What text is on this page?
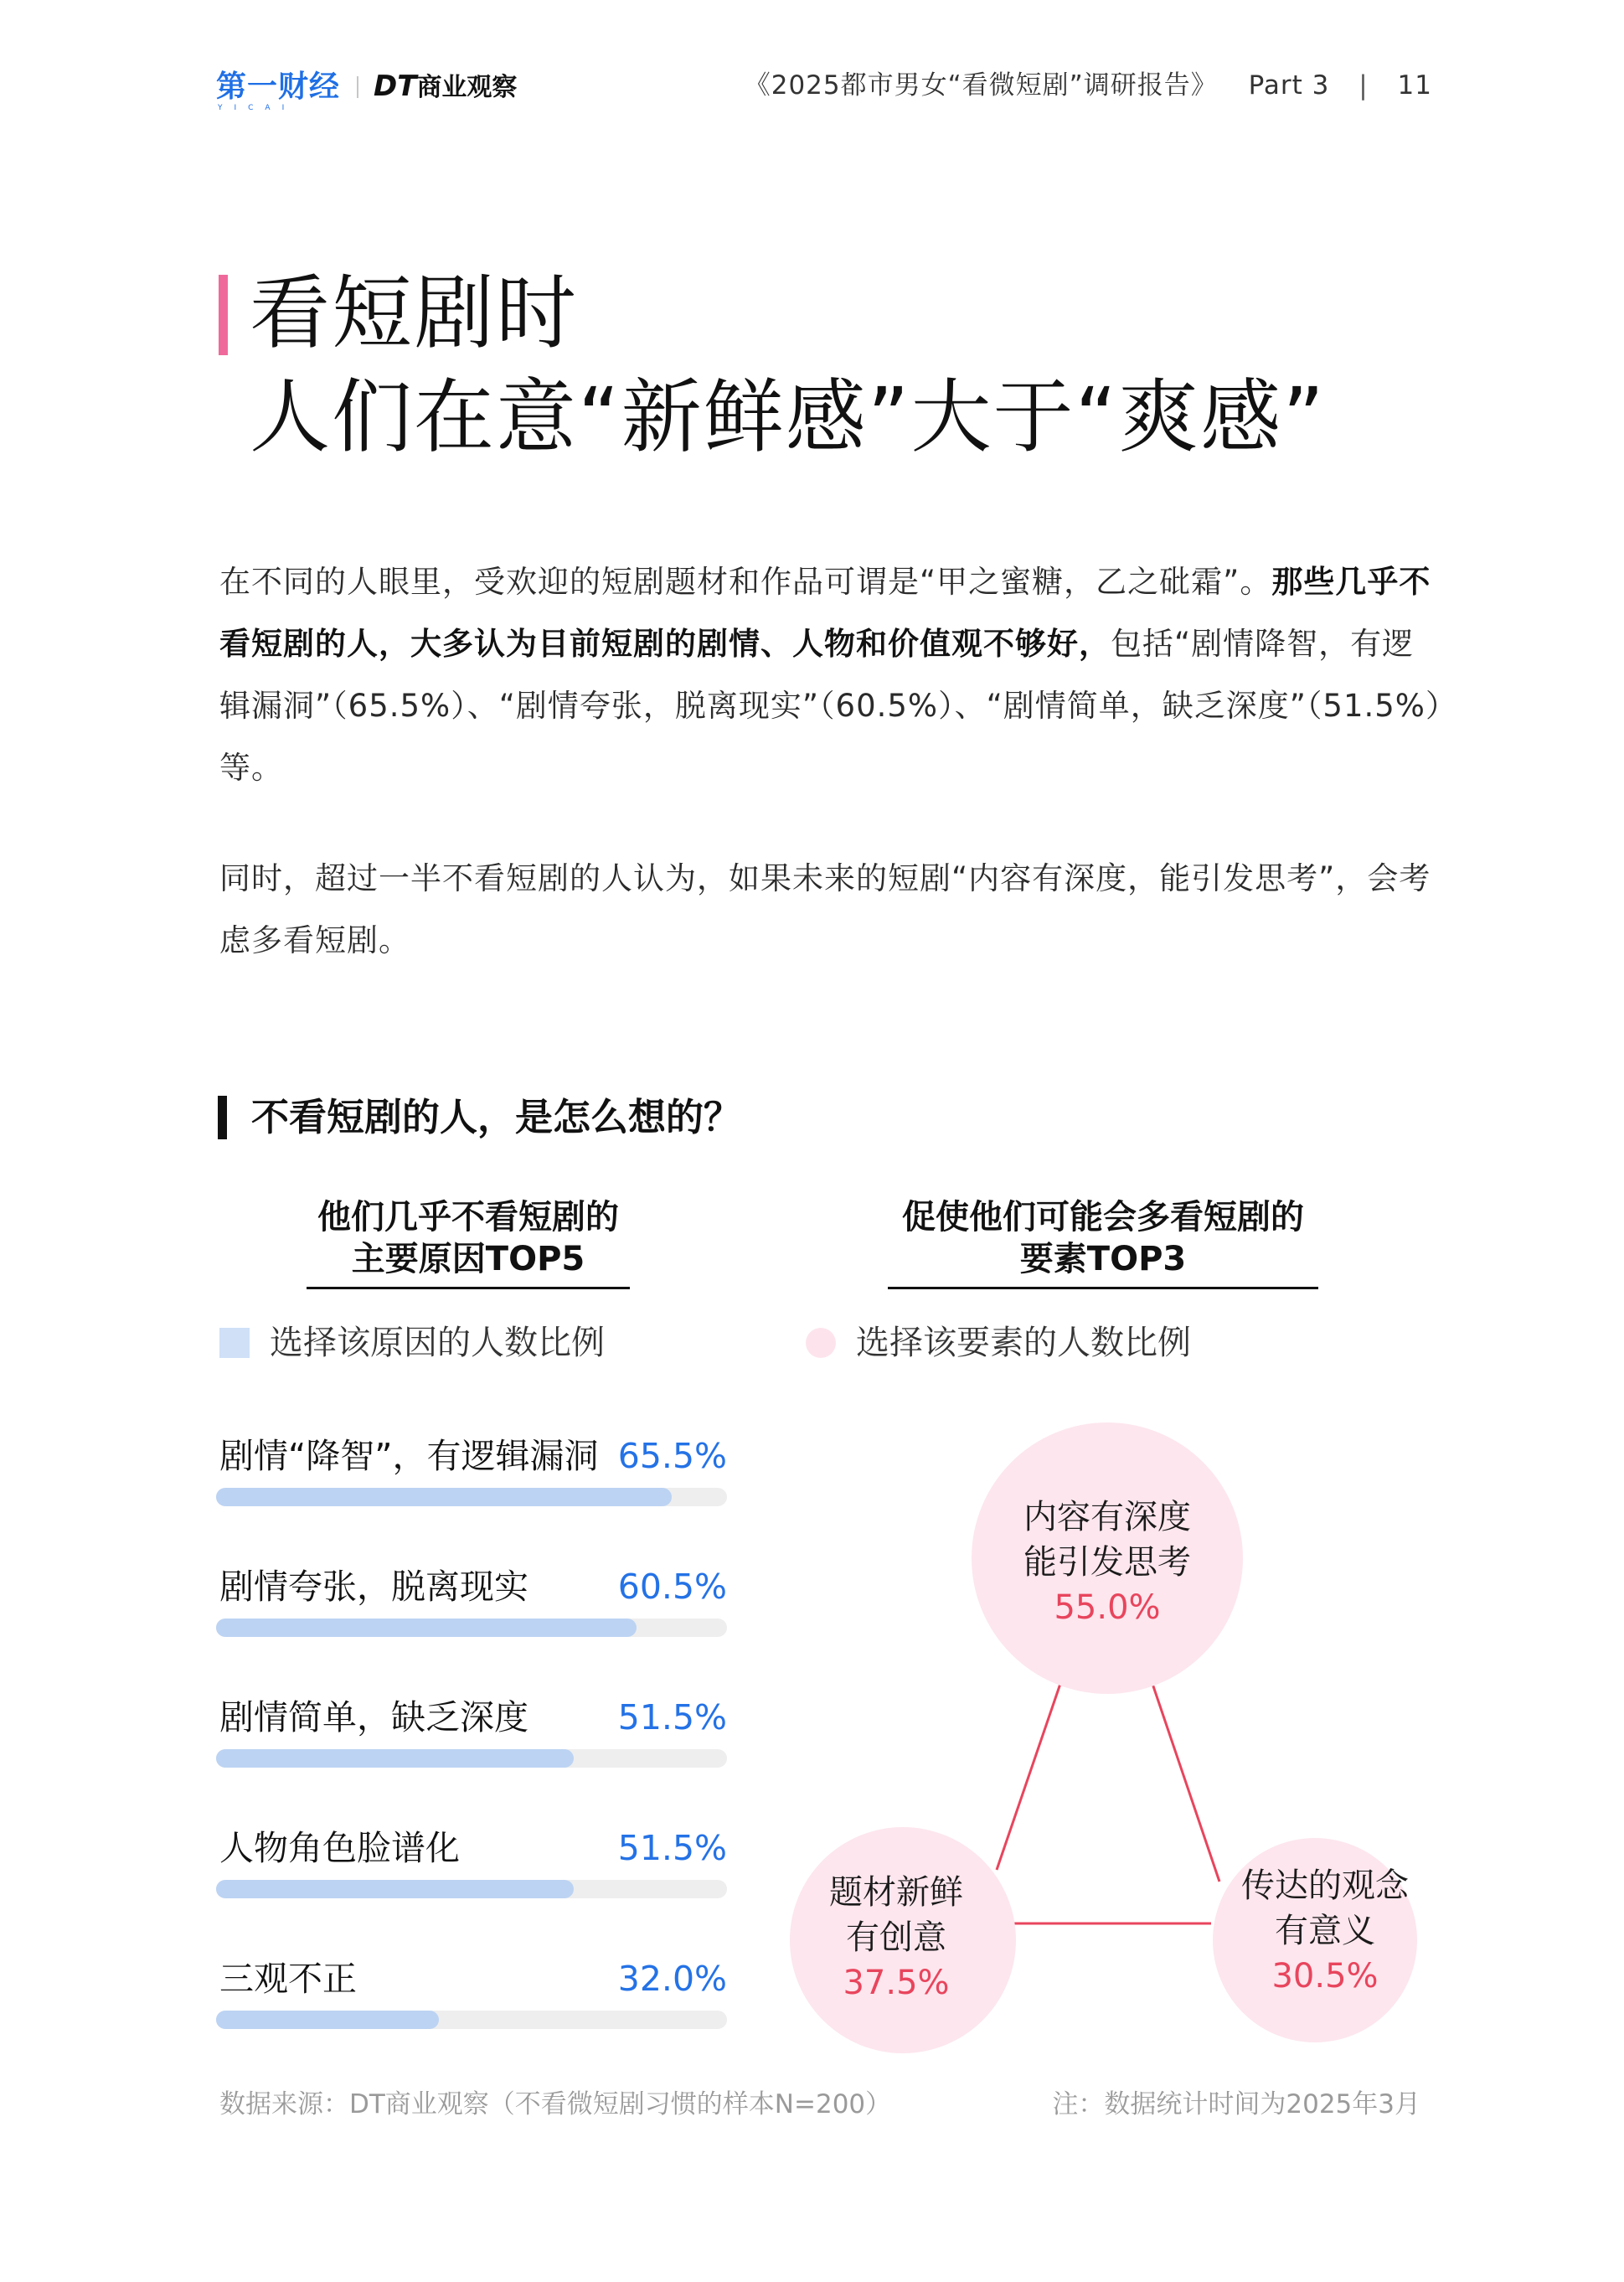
第一财经
YICAI
DT商业观察	《2025都市男女“看微短剧”调研报告》 Part 3 | 11
看短剧时
人们在意“新鲜感”大于“爽感”
在不同的人眼里，受欢迎的短剧题材和作品可谓是“甲之蜜糖，乙之砒霜”。那些几乎不看短剧的人，大多认为目前短剧的剧情、人物和价值观不够好，包括“剧情降智，有逻辑漏洞”（65.5%）、“剧情夸张，脱离现实”（60.5%）、“剧情简单，缺乏深度”（51.5%）等。
同时，超过一半不看短剧的人认为，如果未来的短剧“内容有深度，能引发思考”，会考虑多看短剧。
不看短剧的人，是怎么想的？
他们几乎不看短剧的
主要原因TOP5
选择该原因的人数比例
促使他们可能会多看短剧的
要素TOP3
选择该要素的人数比例
剧情“降智”，有逻辑漏洞 65.5%
剧情夸张，脱离现实	60.5%
剧情简单，缺乏深度	51.5%
人物角色脸谱化	51.5%
三观不正	32.0%
内容有深度
能引发思考
55.0%
题材新鲜
有创意
37.5%
传达的观念
有意义
30.5%
数据来源：DT商业观察（不看微短剧习惯的样本N=200）	注：数据统计时间为2025年3月
